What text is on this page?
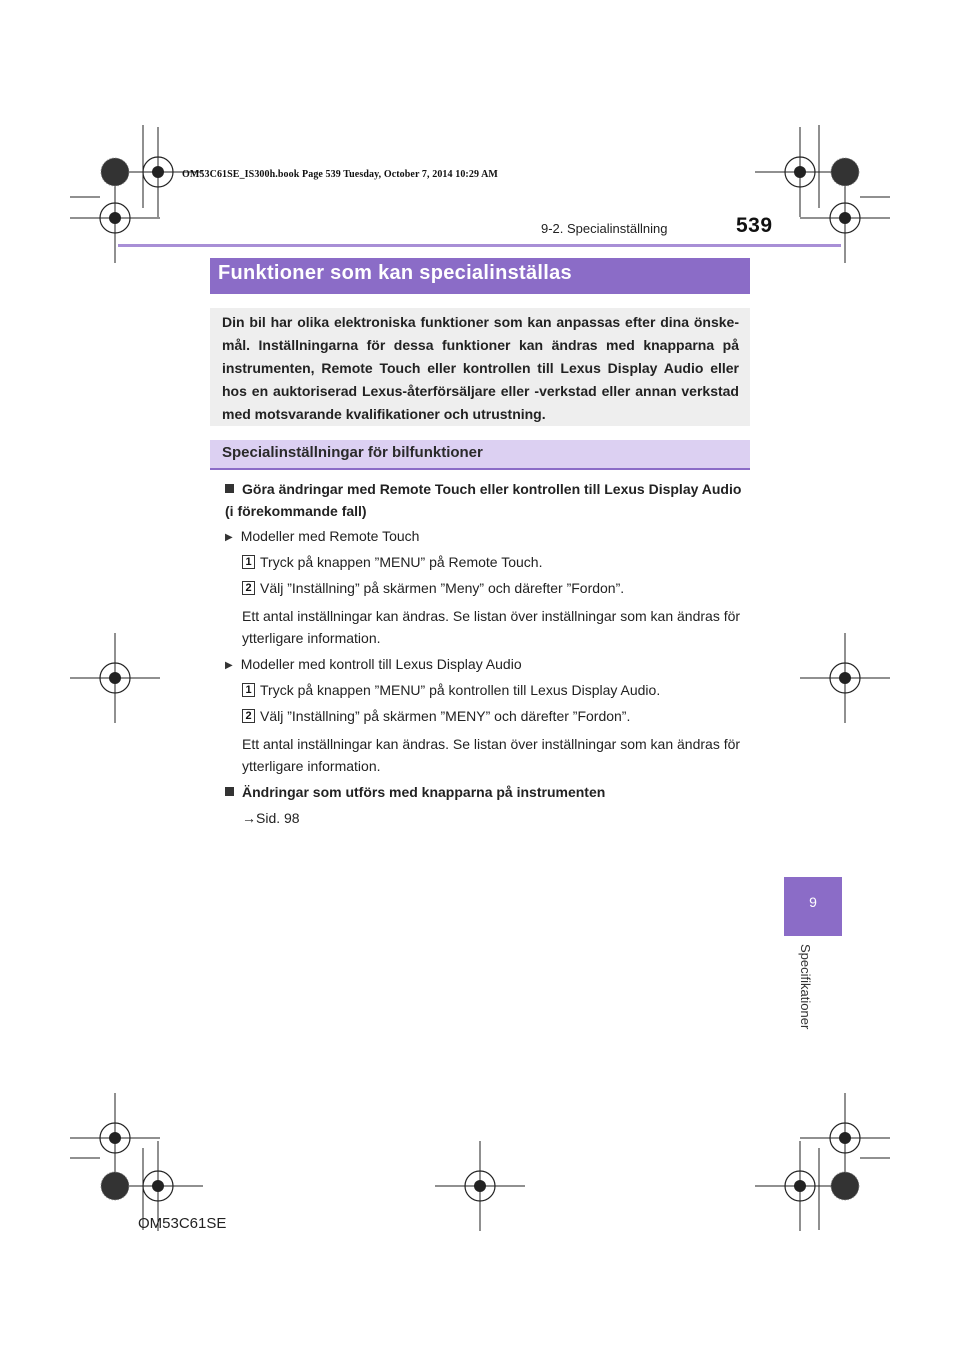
OM53C61SE_IS300h.book Page 539 Tuesday, October 7, 2014 10:29 AM
9-2. Specialinställning	539
Funktioner som kan specialinställas
Din bil har olika elektroniska funktioner som kan anpassas efter dina önske-mål. Inställningarna för dessa funktioner kan ändras med knapparna på instrumenten, Remote Touch eller kontrollen till Lexus Display Audio eller hos en auktoriserad Lexus-återförsäljare eller -verkstad eller annan verkstad med motsvarande kvalifikationer och utrustning.
Specialinställningar för bilfunktioner
Göra ändringar med Remote Touch eller kontrollen till Lexus Display Audio (i förekommande fall)
▶ Modeller med Remote Touch
1 Tryck på knappen ”MENU” på Remote Touch.
2 Välj ”Inställning” på skärmen ”Meny” och därefter ”Fordon”.
Ett antal inställningar kan ändras. Se listan över inställningar som kan ändras för ytterligare information.
▶ Modeller med kontroll till Lexus Display Audio
1 Tryck på knappen ”MENU” på kontrollen till Lexus Display Audio.
2 Välj ”Inställning” på skärmen ”MENY” och därefter ”Fordon”.
Ett antal inställningar kan ändras. Se listan över inställningar som kan ändras för ytterligare information.
Ändringar som utförs med knapparna på instrumenten
→Sid. 98
9
Specifikationer
OM53C61SE
